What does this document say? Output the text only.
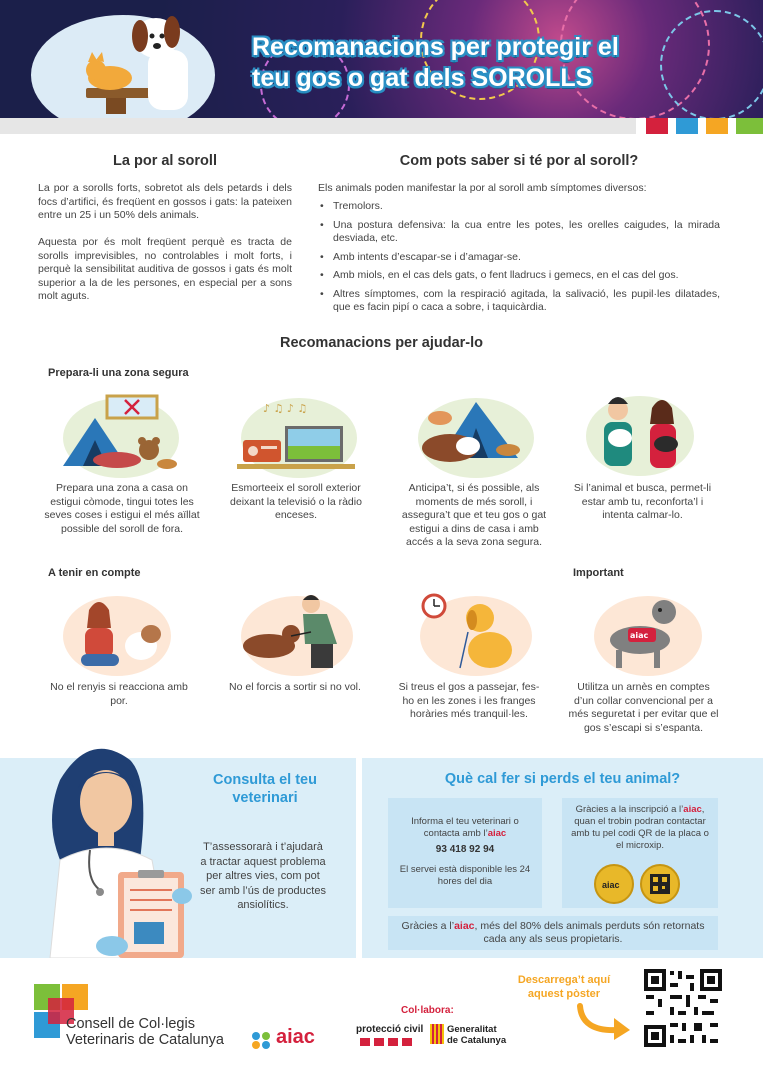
Recomanacions per protegir el
teu gos o gat dels SOROLLS
La por al soroll

La por a sorolls forts, sobretot als dels petards i dels focs d’artifici, és freqüent en gossos i gats: la pateixen entre un 25 i un 50% dels animals.

Aquesta por és molt freqüent perquè es tracta de sorolls imprevisibles, no controlables i molt forts, i perquè la sensibilitat auditiva de gossos i gats és molt superior a la de les persones, en especial per a sons molt aguts.

Com pots saber si té por al soroll?

Els animals poden manifestar la por al soroll amb símptomes diversos:

• Tremolors.
• Una postura defensiva: la cua entre les potes, les orelles caigudes, la mirada desviada, etc.
• Amb intents d’escapar-se i d’amagar-se.
• Amb miols, en el cas dels gats, o fent lladrucs i gemecs, en el cas del gos.
• Altres símptomes, com la respiració agitada, la salivació, les pupil·les dilatades, que es facin pipí o caca a sobre, i taquicàrdia.
Recomanacions per ajudar-lo
Prepara-li una zona segura
♪ ♫ ♪ ♫

Prepara una zona a casa on estigui còmode, tingui totes les seves coses i estigui el més aïllat possible del soroll de fora.

Esmorteeix el soroll exterior deixant la televisió o la ràdio enceses.

Anticipa’t, si és possible, als moments de més soroll, i assegura’t que et teu gos o gat estigui a dins de casa i amb accés a la seva zona segura.

Si l’animal et busca, permet-li estar amb tu, reconforta’l i intenta calmar-lo.

A tenir en compte	Important
aiac

No el renyis si reacciona amb por.

No el forcis a sortir si no vol.	Si treus el gos a passejar, fes-ho en les zones i les franges horàries més tranquil·les.

Utilitza un arnès en comptes d’un collar convencional per a més seguretat i per evitar que el gos s’escapi si s’espanta.

Consulta el teu
veterinari

T’assessorarà i t’ajudarà a tractar aquest problema per altres vies, com pot ser amb l’ús de productes ansiolítics.

Què cal fer si perds el teu animal?

Informa el teu veterinari o contacta amb l’aiac

93 418 92 94

El servei està disponible les 24 hores del dia

Gràcies a la inscripció a l’aiac, quan el trobin podran contactar amb tu pel codi QR de la placa o el microxip.

aiac

Gràcies a l’aiac, més del 80% dels animals perduts són retornats cada any als seus propietaris.

Consell de Col·legis
Veterinaris de Catalunya	aiac
Col·labora:
protecció civil	Generalitat
de Catalunya
Descarrega’t aquí
aquest pòster
